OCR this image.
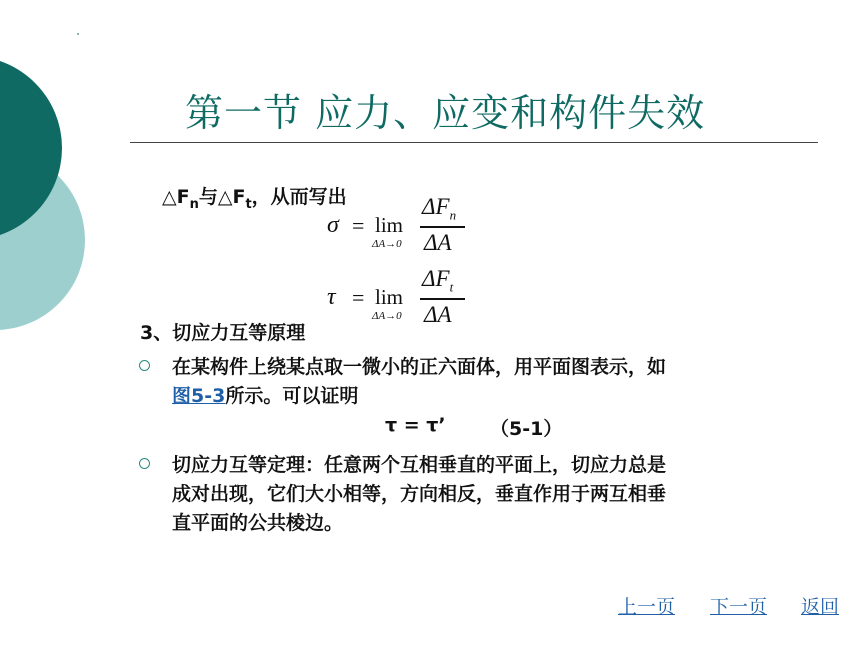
第一节 应力、应变和构件失效
$\triangle F_n$与$\triangle F_t$，从而写出
σ = lim
ΔA→0
$\Delta F_n$
ΔA
τ = lim
ΔA→0
$\Delta F_t$
ΔA
3、切应力互等原理
在某构件上绕某点取一微小的正六面体，用平面图表示，如
图5-3所示。可以证明
τ = τ’ （5-1）
切应力互等定理：任意两个互相垂直的平面上，切应力总是
成对出现，它们大小相等，方向相反，垂直作用于两互相垂
直平面的公共棱边。
上一页 下一页 返回
